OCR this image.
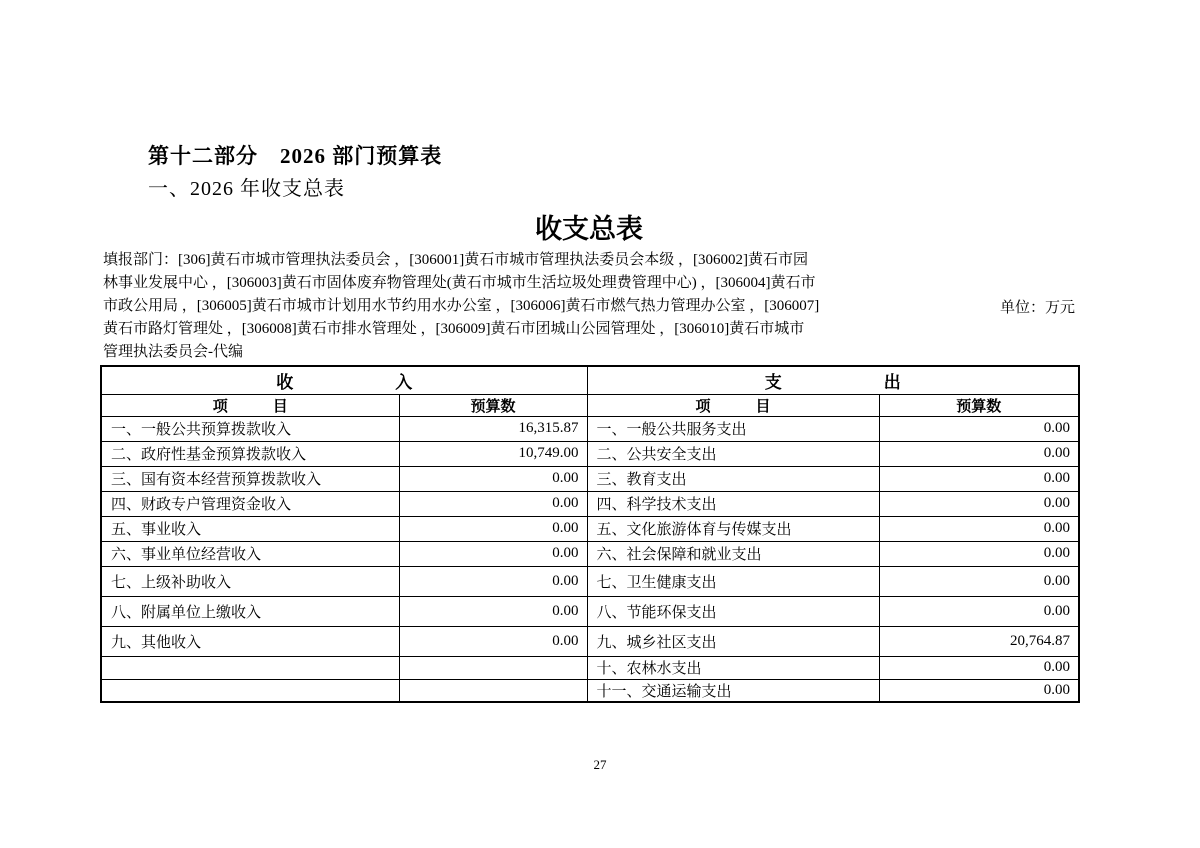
第十二部分　2026 部门预算表
一、2026 年收支总表
收支总表
填报部门：[306]黄石市城市管理执法委员会 ，[306001]黄石市城市管理执法委员会本级 ，[306002]黄石市园
林事业发展中心 ，[306003]黄石市固体废弃物管理处(黄石市城市生活垃圾处理费管理中心) ，[306004]黄石市
市政公用局 ，[306005]黄石市城市计划用水节约用水办公室 ，[306006]黄石市燃气热力管理办公室 ，[306007]
黄石市路灯管理处 ，[306008]黄石市排水管理处 ，[306009]黄石市团城山公园管理处 ，[306010]黄石市城市
管理执法委员会-代编
单位：万元
收　　　　　　入		支　　　　　　出	
项　　　目	预算数	项　　　目	预算数
一、一般公共预算拨款收入	16,315.87	一、一般公共服务支出	0.00
二、政府性基金预算拨款收入	10,749.00	二、公共安全支出	0.00
三、国有资本经营预算拨款收入	0.00	三、教育支出	0.00
四、财政专户管理资金收入	0.00	四、科学技术支出	0.00
五、事业收入	0.00	五、文化旅游体育与传媒支出	0.00
六、事业单位经营收入	0.00	六、社会保障和就业支出	0.00
七、上级补助收入	0.00	七、卫生健康支出	0.00
八、附属单位上缴收入	0.00	八、节能环保支出	0.00
九、其他收入	0.00	九、城乡社区支出	20,764.87
		十、农林水支出	0.00
		十一、交通运输支出	0.00
27
